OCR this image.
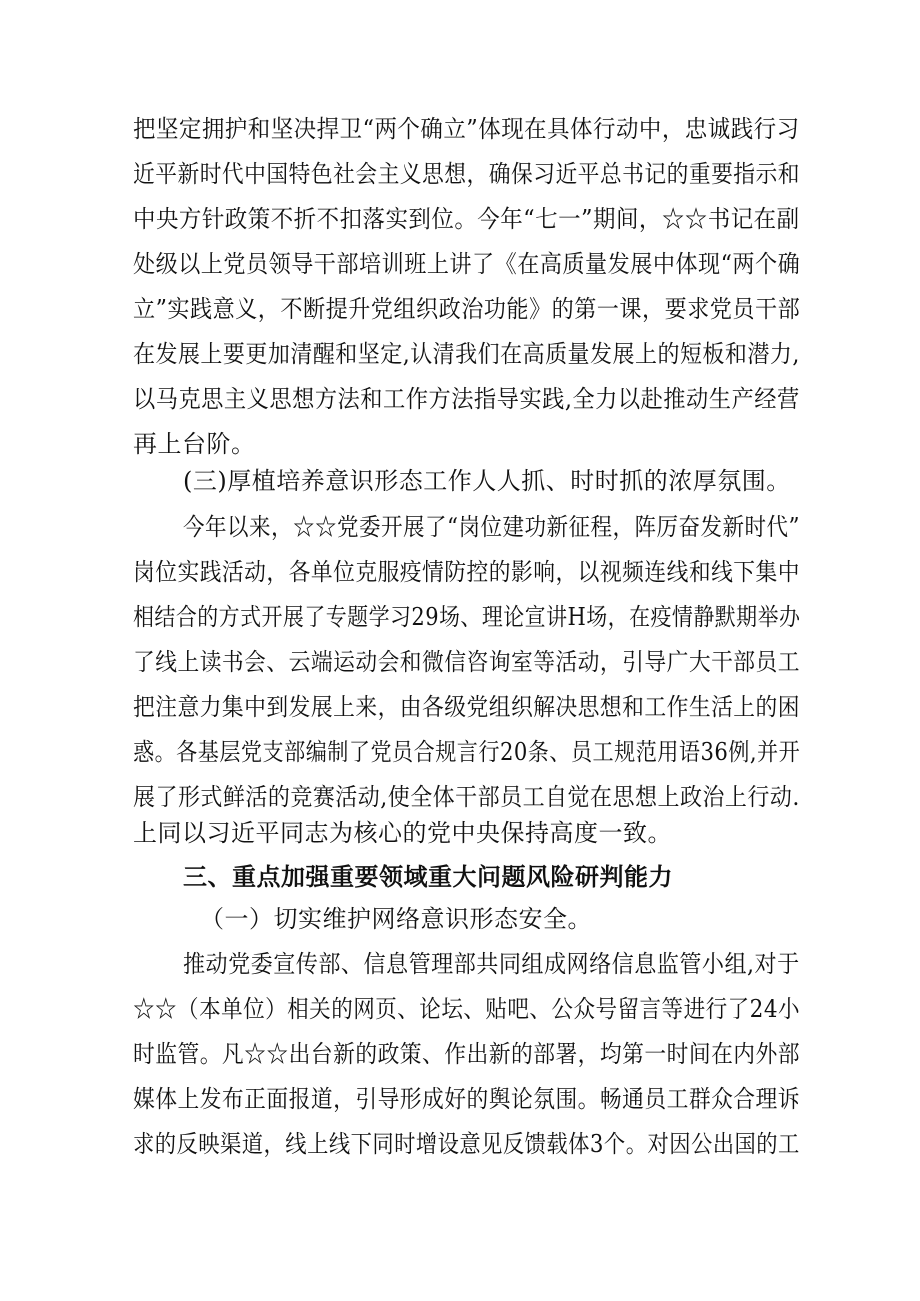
把坚定拥护和坚决捍卫“两个确立”体现在具体行动中，忠诚践行习
近平新时代中国特色社会主义思想，确保习近平总书记的重要指示和
中央方针政策不折不扣落实到位。今年“七一”期间，☆☆书记在副
处级以上党员领导干部培训班上讲了《在高质量发展中体现“两个确
立”实践意义，不断提升党组织政治功能》的第一课，要求党员干部
在发展上要更加清醒和坚定,认清我们在高质量发展上的短板和潜力,
以马克思主义思想方法和工作方法指导实践,全力以赴推动生产经营
再上台阶。
(三)厚植培养意识形态工作人人抓、时时抓的浓厚氛围。
今年以来，☆☆党委开展了“岗位建功新征程，阵厉奋发新时代”
岗位实践活动，各单位克服疫情防控的影响，以视频连线和线下集中
相结合的方式开展了专题学习29场、理论宣讲H场，在疫情静默期举办
了线上读书会、云端运动会和微信咨询室等活动，引导广大干部员工
把注意力集中到发展上来，由各级党组织解决思想和工作生活上的困
惑。各基层党支部编制了党员合规言行20条、员工规范用语36例,并开
展了形式鲜活的竞赛活动,使全体干部员工自觉在思想上政治上行动.
上同以习近平同志为核心的党中央保持高度一致。
三、重点加强重要领域重大问题风险研判能力
（一）切实维护网络意识形态安全。
推动党委宣传部、信息管理部共同组成网络信息监管小组,对于
☆☆（本单位）相关的网页、论坛、贴吧、公众号留言等进行了24小
时监管。凡☆☆出台新的政策、作出新的部署，均第一时间在内外部
媒体上发布正面报道，引导形成好的舆论氛围。畅通员工群众合理诉
求的反映渠道，线上线下同时增设意见反馈载体3个。对因公出国的工
